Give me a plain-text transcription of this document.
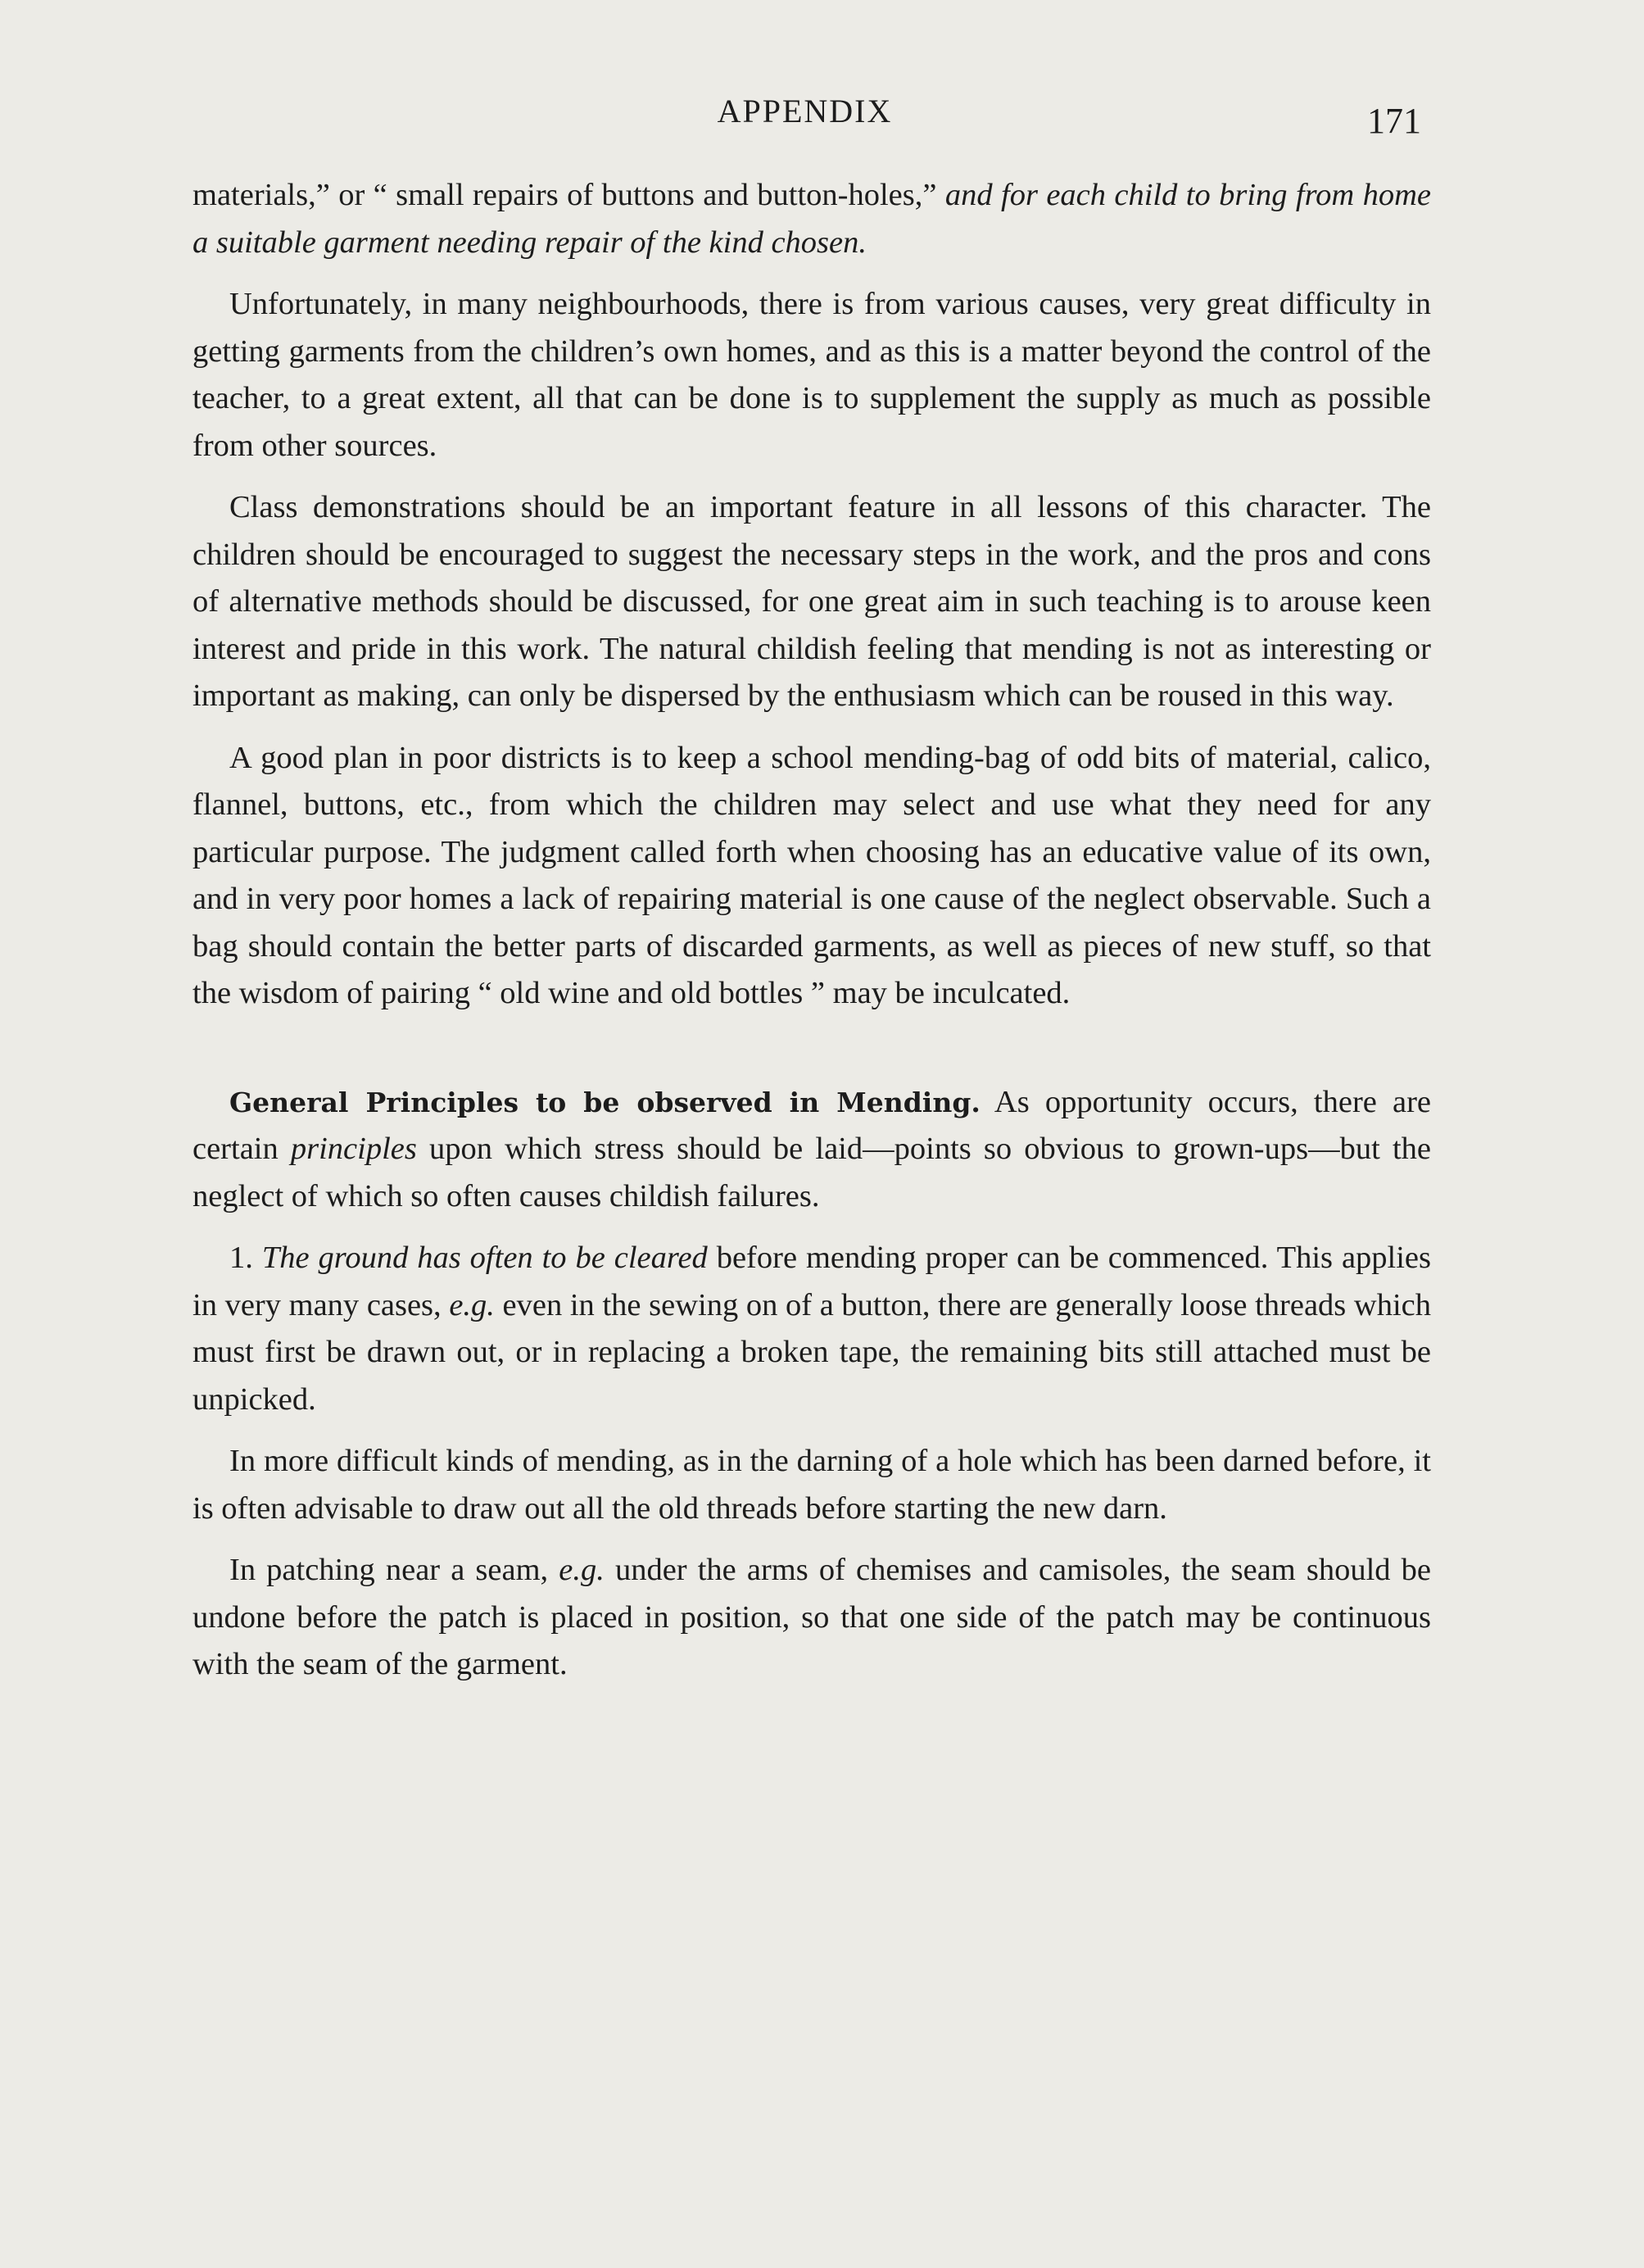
APPENDIX	171

materials,” or “ small repairs of buttons and button-holes,” and for each child to bring from home a suitable garment needing repair of the kind chosen.

Unfortunately, in many neighbourhoods, there is from various causes, very great difficulty in getting garments from the children’s own homes, and as this is a matter beyond the control of the teacher, to a great extent, all that can be done is to supplement the supply as much as possible from other sources.

Class demonstrations should be an important feature in all lessons of this character. The children should be encouraged to suggest the necessary steps in the work, and the pros and cons of alternative methods should be discussed, for one great aim in such teaching is to arouse keen interest and pride in this work. The natural childish feeling that mending is not as interesting or important as making, can only be dispersed by the enthusiasm which can be roused in this way.

A good plan in poor districts is to keep a school mending-bag of odd bits of material, calico, flannel, buttons, etc., from which the children may select and use what they need for any particular purpose. The judgment called forth when choosing has an educative value of its own, and in very poor homes a lack of repairing material is one cause of the neglect observable. Such a bag should contain the better parts of discarded garments, as well as pieces of new stuff, so that the wisdom of pairing “ old wine and old bottles ” may be inculcated.

General Principles to be observed in Mending. As opportunity occurs, there are certain principles upon which stress should be laid—points so obvious to grown-ups—but the neglect of which so often causes childish failures.

1. The ground has often to be cleared before mending proper can be commenced. This applies in very many cases, e.g. even in the sewing on of a button, there are generally loose threads which must first be drawn out, or in replacing a broken tape, the remaining bits still attached must be unpicked.

In more difficult kinds of mending, as in the darning of a hole which has been darned before, it is often advisable to draw out all the old threads before starting the new darn.

In patching near a seam, e.g. under the arms of chemises and camisoles, the seam should be undone before the patch is placed in position, so that one side of the patch may be continuous with the seam of the garment.
